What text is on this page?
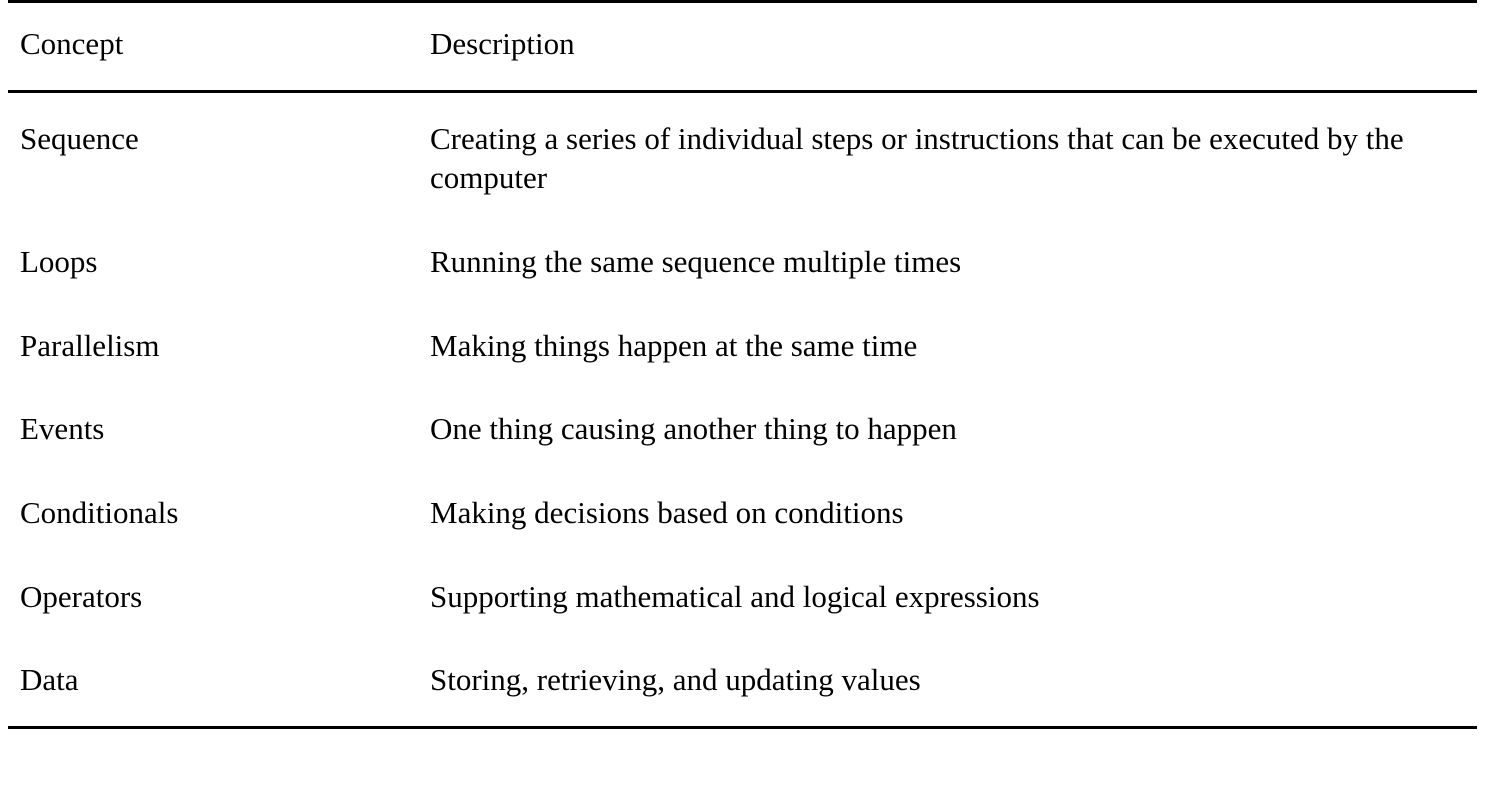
Concept	Description
Sequence	Creating a series of individual steps or instructions that can be executed by the computer
Loops	Running the same sequence multiple times
Parallelism	Making things happen at the same time
Events	One thing causing another thing to happen
Conditionals	Making decisions based on conditions
Operators	Supporting mathematical and logical expressions
Data	Storing, retrieving, and updating values
